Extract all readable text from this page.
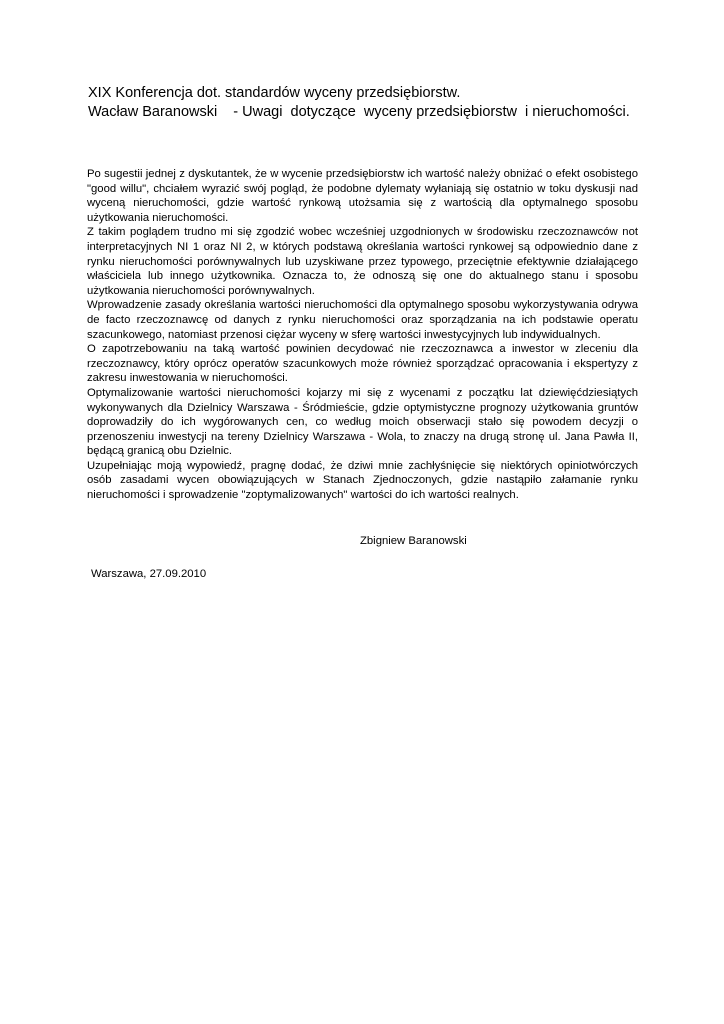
XIX Konferencja dot. standardów wyceny przedsiębiorstw.
Wacław Baranowski    - Uwagi  dotyczące  wyceny przedsiębiorstw  i nieruchomości.

Po sugestii jednej z dyskutantek, że w wycenie przedsiębiorstw ich wartość należy obniżać o efekt osobistego "good willu", chciałem wyrazić swój pogląd, że podobne dylematy wyłaniają się ostatnio w toku dyskusji nad wyceną nieruchomości, gdzie wartość rynkową utożsamia się z wartością dla optymalnego sposobu użytkowania nieruchomości.

Z takim poglądem trudno mi się zgodzić wobec wcześniej uzgodnionych w środowisku rzeczoznawców not interpretacyjnych NI 1 oraz NI 2, w których podstawą określania wartości rynkowej są odpowiednio dane z rynku nieruchomości porównywalnych lub uzyskiwane przez typowego, przeciętnie efektywnie działającego właściciela lub innego użytkownika. Oznacza to, że odnoszą się one do aktualnego stanu i sposobu użytkowania nieruchomości porównywalnych.

Wprowadzenie zasady określania wartości nieruchomości dla optymalnego sposobu wykorzystywania odrywa de facto rzeczoznawcę od danych z rynku nieruchomości oraz sporządzania na ich podstawie operatu szacunkowego, natomiast przenosi ciężar wyceny w sferę wartości inwestycyjnych lub indywidualnych.

O zapotrzebowaniu na taką wartość powinien decydować nie rzeczoznawca a inwestor w zleceniu dla rzeczoznawcy, który oprócz operatów szacunkowych może również sporządzać opracowania i ekspertyzy z zakresu inwestowania w nieruchomości.

Optymalizowanie wartości nieruchomości kojarzy mi się z wycenami z początku lat dziewięćdziesiątych wykonywanych dla Dzielnicy Warszawa - Śródmieście, gdzie optymistyczne prognozy użytkowania gruntów doprowadziły do ich wygórowanych cen, co według moich obserwacji stało się powodem decyzji o przenoszeniu inwestycji na tereny Dzielnicy Warszawa - Wola, to znaczy na drugą stronę ul. Jana Pawła II, będącą granicą obu Dzielnic.

Uzupełniając moją wypowiedź, pragnę dodać, że dziwi mnie zachłyśnięcie się niektórych opiniotwórczych osób zasadami wycen obowiązujących w Stanach Zjednoczonych, gdzie nastąpiło załamanie rynku nieruchomości i sprowadzenie "zoptymalizowanych" wartości do ich wartości realnych.

Zbigniew Baranowski
Warszawa, 27.09.2010
